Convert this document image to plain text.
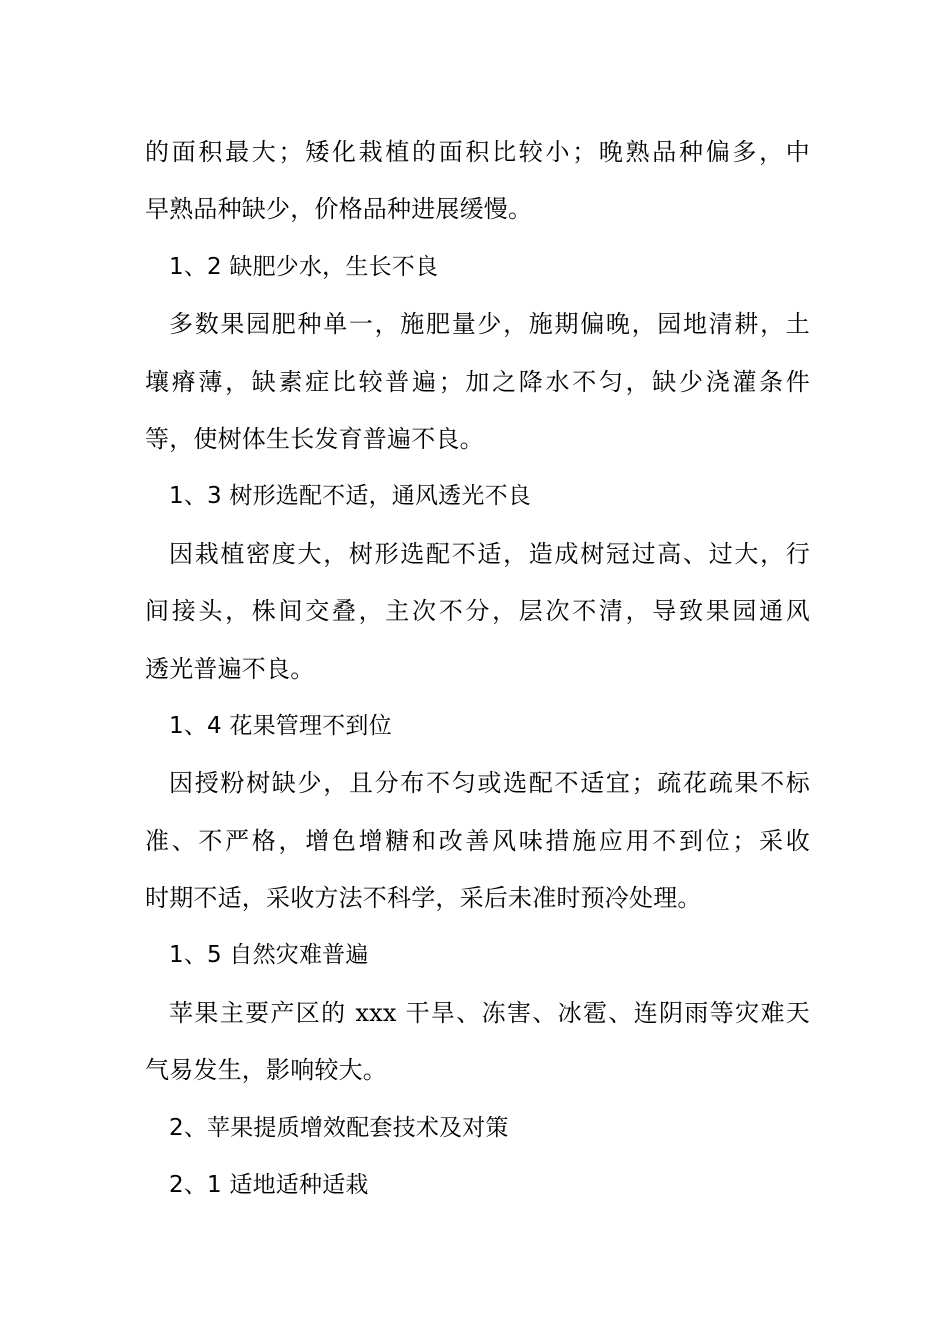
的面积最大；矮化栽植的面积比较小；晚熟品种偏多，中
早熟品种缺少，价格品种进展缓慢。
1、2 缺肥少水，生长不良
多数果园肥种单一，施肥量少，施期偏晚，园地清耕，土
壤瘠薄，缺素症比较普遍；加之降水不匀，缺少浇灌条件
等，使树体生长发育普遍不良。
1、3 树形选配不适，通风透光不良
因栽植密度大，树形选配不适，造成树冠过高、过大，行
间接头，株间交叠，主次不分，层次不清，导致果园通风
透光普遍不良。
1、4 花果管理不到位
因授粉树缺少，且分布不匀或选配不适宜；疏花疏果不标
准、不严格，增色增糖和改善风味措施应用不到位；采收
时期不适，采收方法不科学，采后未准时预冷处理。
1、5 自然灾难普遍
苹果主要产区的 xxx 干旱、冻害、冰雹、连阴雨等灾难天
气易发生，影响较大。
2、苹果提质增效配套技术及对策
2、1 适地适种适栽
